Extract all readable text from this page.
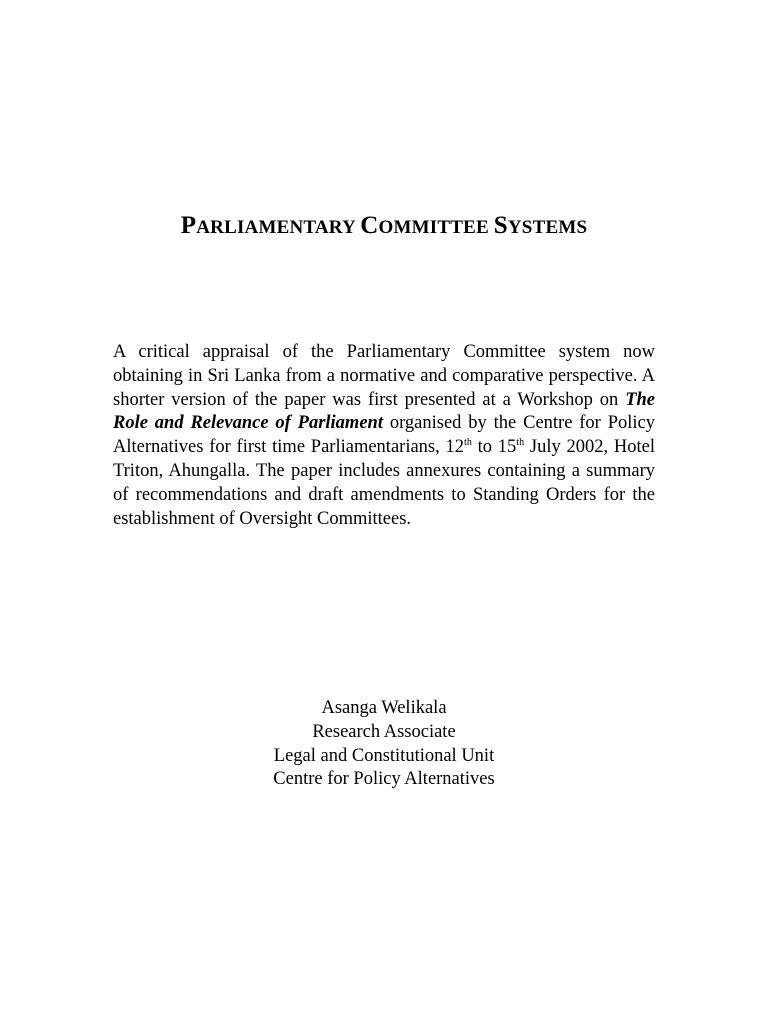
PARLIAMENTARY COMMITTEE SYSTEMS

A critical appraisal of the Parliamentary Committee system now obtaining in Sri Lanka from a normative and comparative perspective. A shorter version of the paper was first presented at a Workshop on The Role and Relevance of Parliament organised by the Centre for Policy Alternatives for first time Parliamentarians, 12th to 15th July 2002, Hotel Triton, Ahungalla. The paper includes annexures containing a summary of recommendations and draft amendments to Standing Orders for the establishment of Oversight Committees.

Asanga Welikala
Research Associate
Legal and Constitutional Unit
Centre for Policy Alternatives
